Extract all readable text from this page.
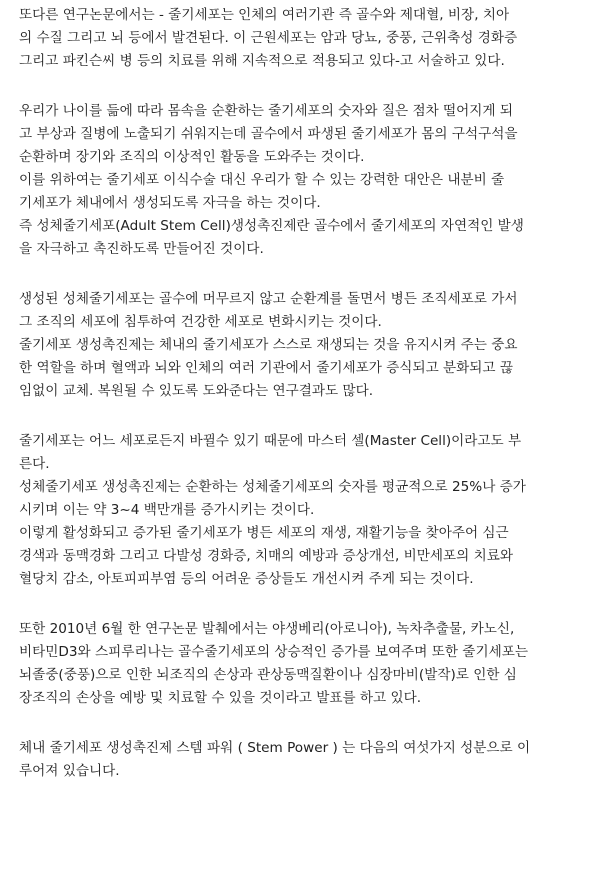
또다른 연구논문에서는 - 줄기세포는 인체의 여러기관 즉 골수와 제대혈, 비장, 치아
의 수질 그리고 뇌 등에서 발견된다. 이 근원세포는 암과 당뇨, 중풍, 근위축성 경화증
그리고 파킨슨씨 병 등의 치료를 위해 지속적으로 적용되고 있다-고 서술하고 있다.
우리가 나이를 듦에 따라 몸속을 순환하는 줄기세포의 숫자와 질은 점차 떨어지게 되
고 부상과 질병에 노출되기 쉬워지는데 골수에서 파생된 줄기세포가 몸의 구석구석을
순환하며 장기와 조직의 이상적인 활동을 도와주는 것이다.
이를 위하여는 줄기세포 이식수술 대신 우리가 할 수 있는 강력한 대안은 내분비 줄
기세포가 체내에서 생성되도록 자극을 하는 것이다.
즉 성체줄기세포(Adult Stem Cell)생성촉진제란 골수에서 줄기세포의 자연적인 발생
을 자극하고 촉진하도록 만들어진 것이다.
생성된 성체줄기세포는 골수에 머무르지 않고 순환계를 돌면서 병든 조직세포로 가서
그 조직의 세포에 침투하여 건강한 세포로 변화시키는 것이다.
줄기세포 생성촉진제는 체내의 줄기세포가 스스로 재생되는 것을 유지시켜 주는 중요
한 역할을 하며 혈액과 뇌와 인체의 여러 기관에서 줄기세포가 증식되고 분화되고 끊
임없이 교체. 복원될 수 있도록 도와준다는 연구결과도 많다.
줄기세포는 어느 세포로든지 바뀔수 있기 때문에 마스터 셀(Master Cell)이라고도 부
른다.
성체줄기세포 생성촉진제는 순환하는 성체줄기세포의 숫자를 평균적으로 25%나 증가
시키며 이는 약 3~4 백만개를 증가시키는 것이다.
이렇게 활성화되고 증가된 줄기세포가 병든 세포의 재생, 재활기능을 찾아주어 심근
경색과 동맥경화 그리고 다발성 경화증, 치매의 예방과 증상개선, 비만세포의 치료와
혈당치 감소, 아토피피부염 등의 어려운 증상들도 개선시켜 주게 되는 것이다.
또한 2010년 6월 한 연구논문 발췌에서는 야생베리(아로니아), 녹차추출물, 카노신,
비타민D3와 스피루리나는 골수줄기세포의 상승적인 증가를 보여주며 또한 줄기세포는
뇌졸중(중풍)으로 인한 뇌조직의 손상과 관상동맥질환이나 심장마비(발작)로 인한 심
장조직의 손상을 예방 및 치료할 수 있을 것이라고 발표를 하고 있다.
체내 줄기세포 생성촉진제 스템 파워 ( Stem Power ) 는 다음의 여섯가지 성분으로 이
루어져 있습니다.
